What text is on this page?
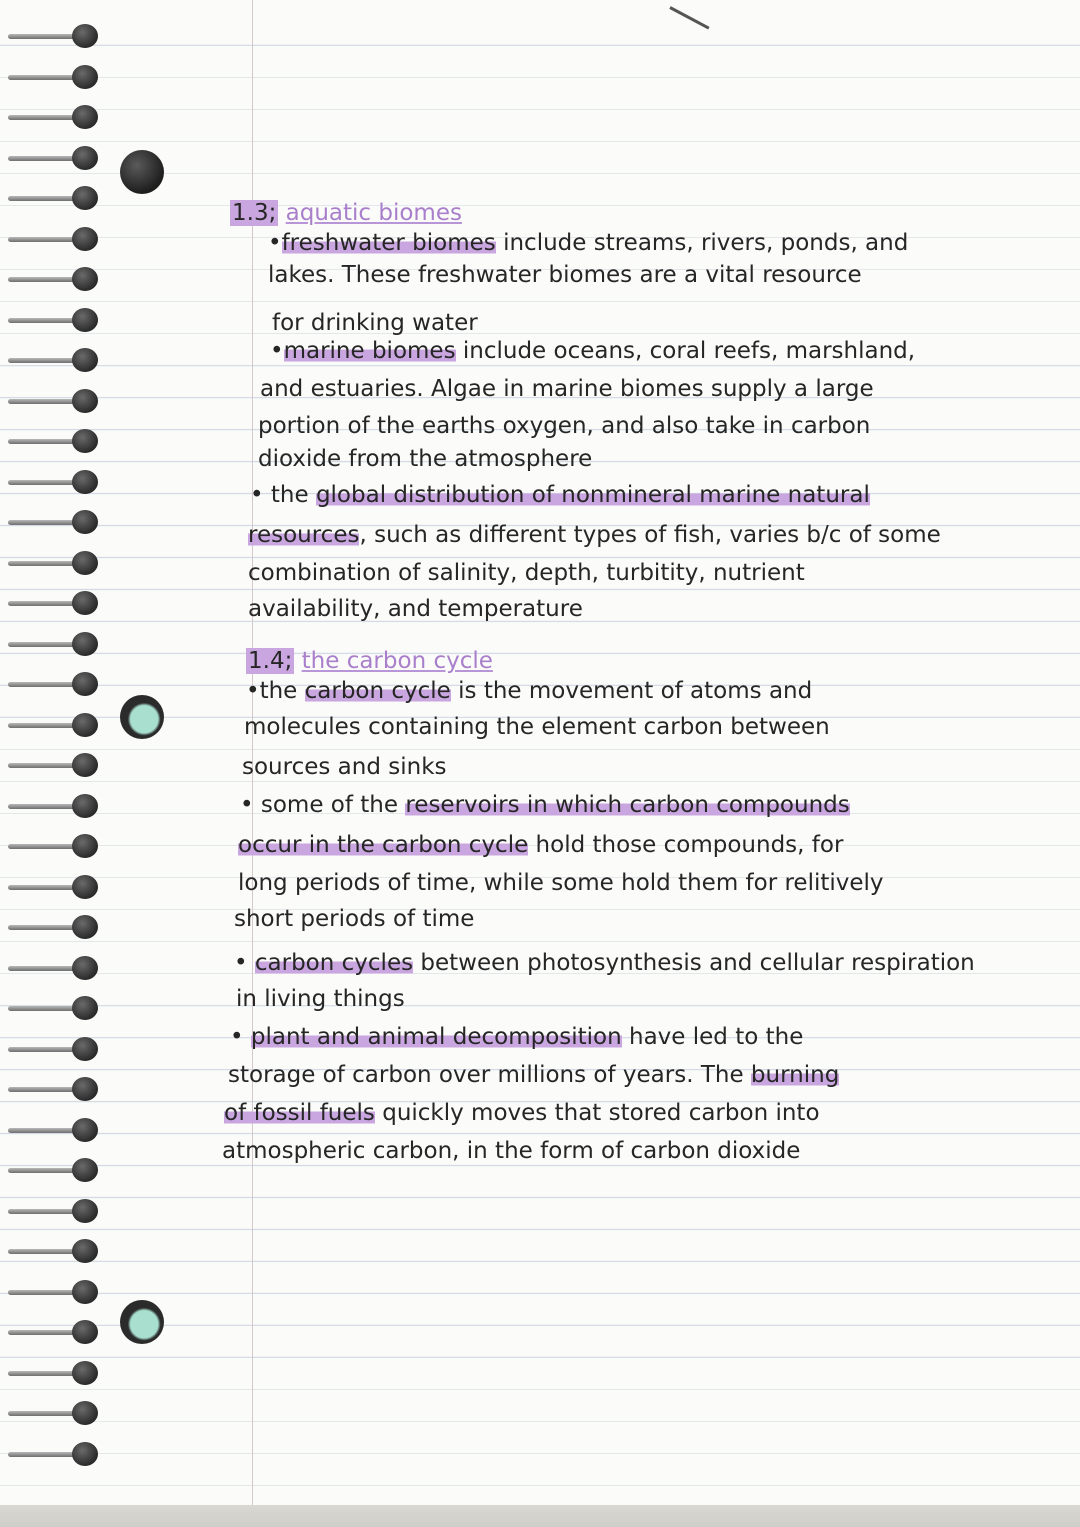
1.3; aquatic biomes
•freshwater biomes include streams, rivers, ponds, and
lakes. These freshwater biomes are a vital resource
for drinking water
•marine biomes include oceans, coral reefs, marshland,
and estuaries. Algae in marine biomes supply a large
portion of the earths oxygen, and also take in carbon
dioxide from the atmosphere
• the global distribution of nonmineral marine natural
resources, such as different types of fish, varies b/c of some
combination of salinity, depth, turbitity, nutrient
availability, and temperature
1.4; the carbon cycle
•the carbon cycle is the movement of atoms and
molecules containing the element carbon between
sources and sinks
• some of the reservoirs in which carbon compounds
occur in the carbon cycle hold those compounds, for
long periods of time, while some hold them for relitively
short periods of time
• carbon cycles between photosynthesis and cellular respiration
in living things
• plant and animal decomposition have led to the
storage of carbon over millions of years. The burning
of fossil fuels quickly moves that stored carbon into
atmospheric carbon, in the form of carbon dioxide
